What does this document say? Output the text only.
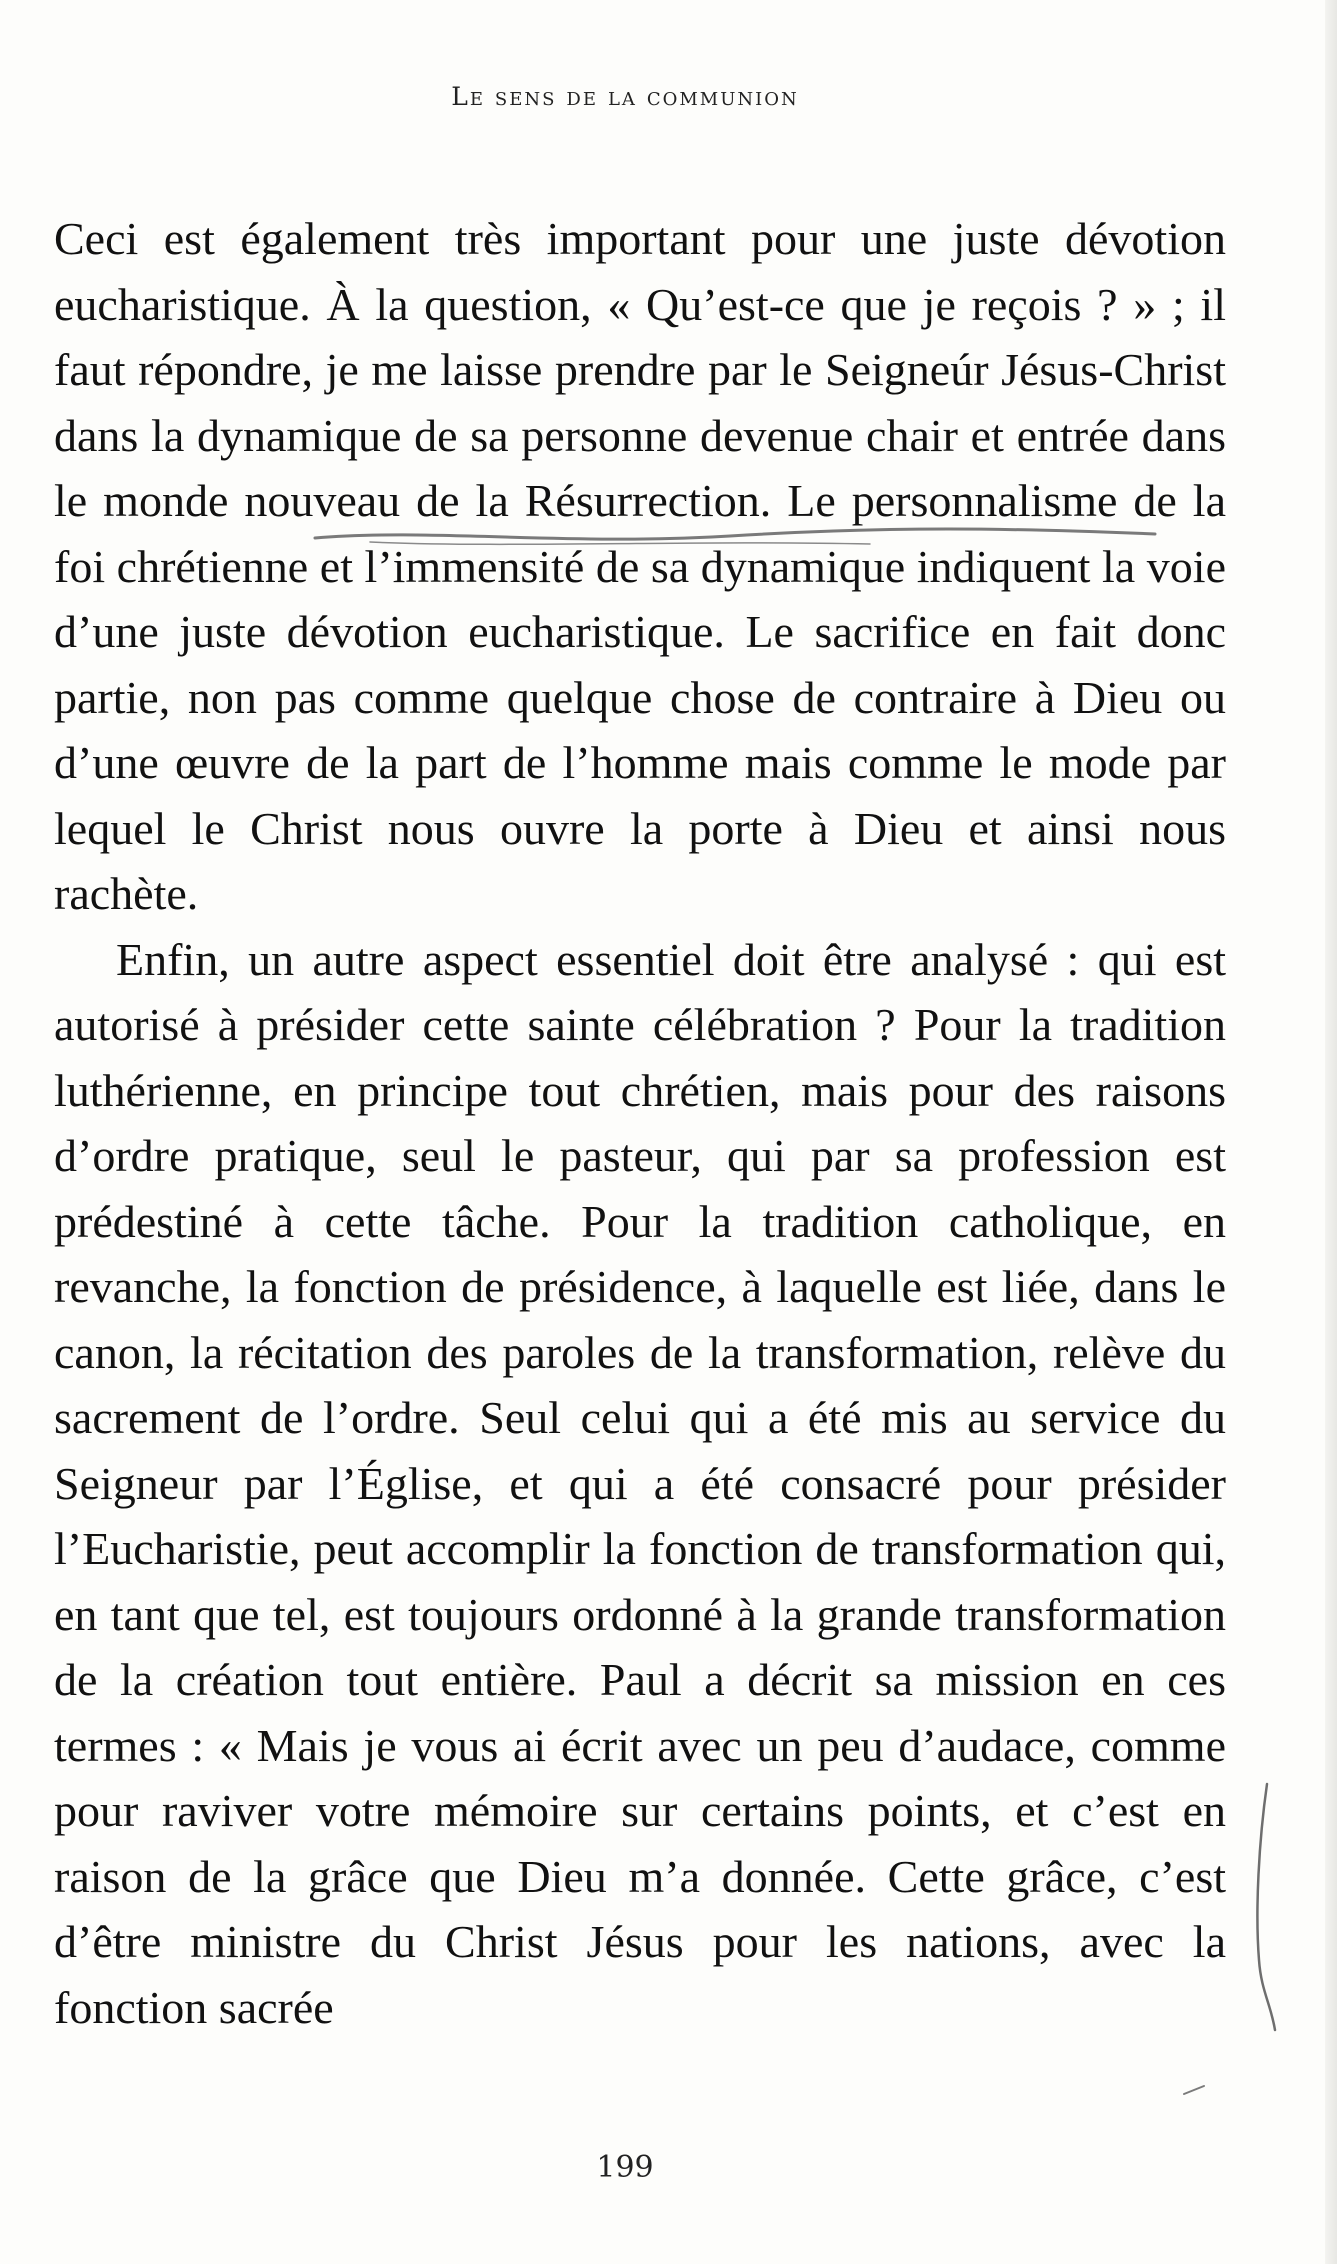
Le sens de la communion

Ceci est également très important pour une juste dévotion eucharistique. À la question, « Qu’est-ce que je reçois ? » ; il faut répondre, je me laisse prendre par le Seigneúr Jésus-Christ dans la dynamique de sa personne devenue chair et entrée dans le monde nouveau de la Résurrection. Le personnalisme de la foi chrétienne et l’immensité de sa dynamique indiquent la voie d’une juste dévotion eucharistique. Le sacrifice en fait donc partie, non pas comme quelque chose de contraire à Dieu ou d’une œuvre de la part de l’homme mais comme le mode par lequel le Christ nous ouvre la porte à Dieu et ainsi nous rachète.

Enfin, un autre aspect essentiel doit être analysé : qui est autorisé à présider cette sainte célébration ? Pour la tradition luthérienne, en principe tout chrétien, mais pour des raisons d’ordre pratique, seul le pasteur, qui par sa profession est prédestiné à cette tâche. Pour la tradition catholique, en revanche, la fonction de présidence, à laquelle est liée, dans le canon, la récitation des paroles de la transformation, relève du sacrement de l’ordre. Seul celui qui a été mis au service du Seigneur par l’Église, et qui a été consacré pour présider l’Eucharistie, peut accomplir la fonction de transformation qui, en tant que tel, est toujours ordonné à la grande transformation de la création tout entière. Paul a décrit sa mission en ces termes : « Mais je vous ai écrit avec un peu d’audace, comme pour raviver votre mémoire sur certains points, et c’est en raison de la grâce que Dieu m’a donnée. Cette grâce, c’est d’être ministre du Christ Jésus pour les nations, avec la fonction sacrée

199
